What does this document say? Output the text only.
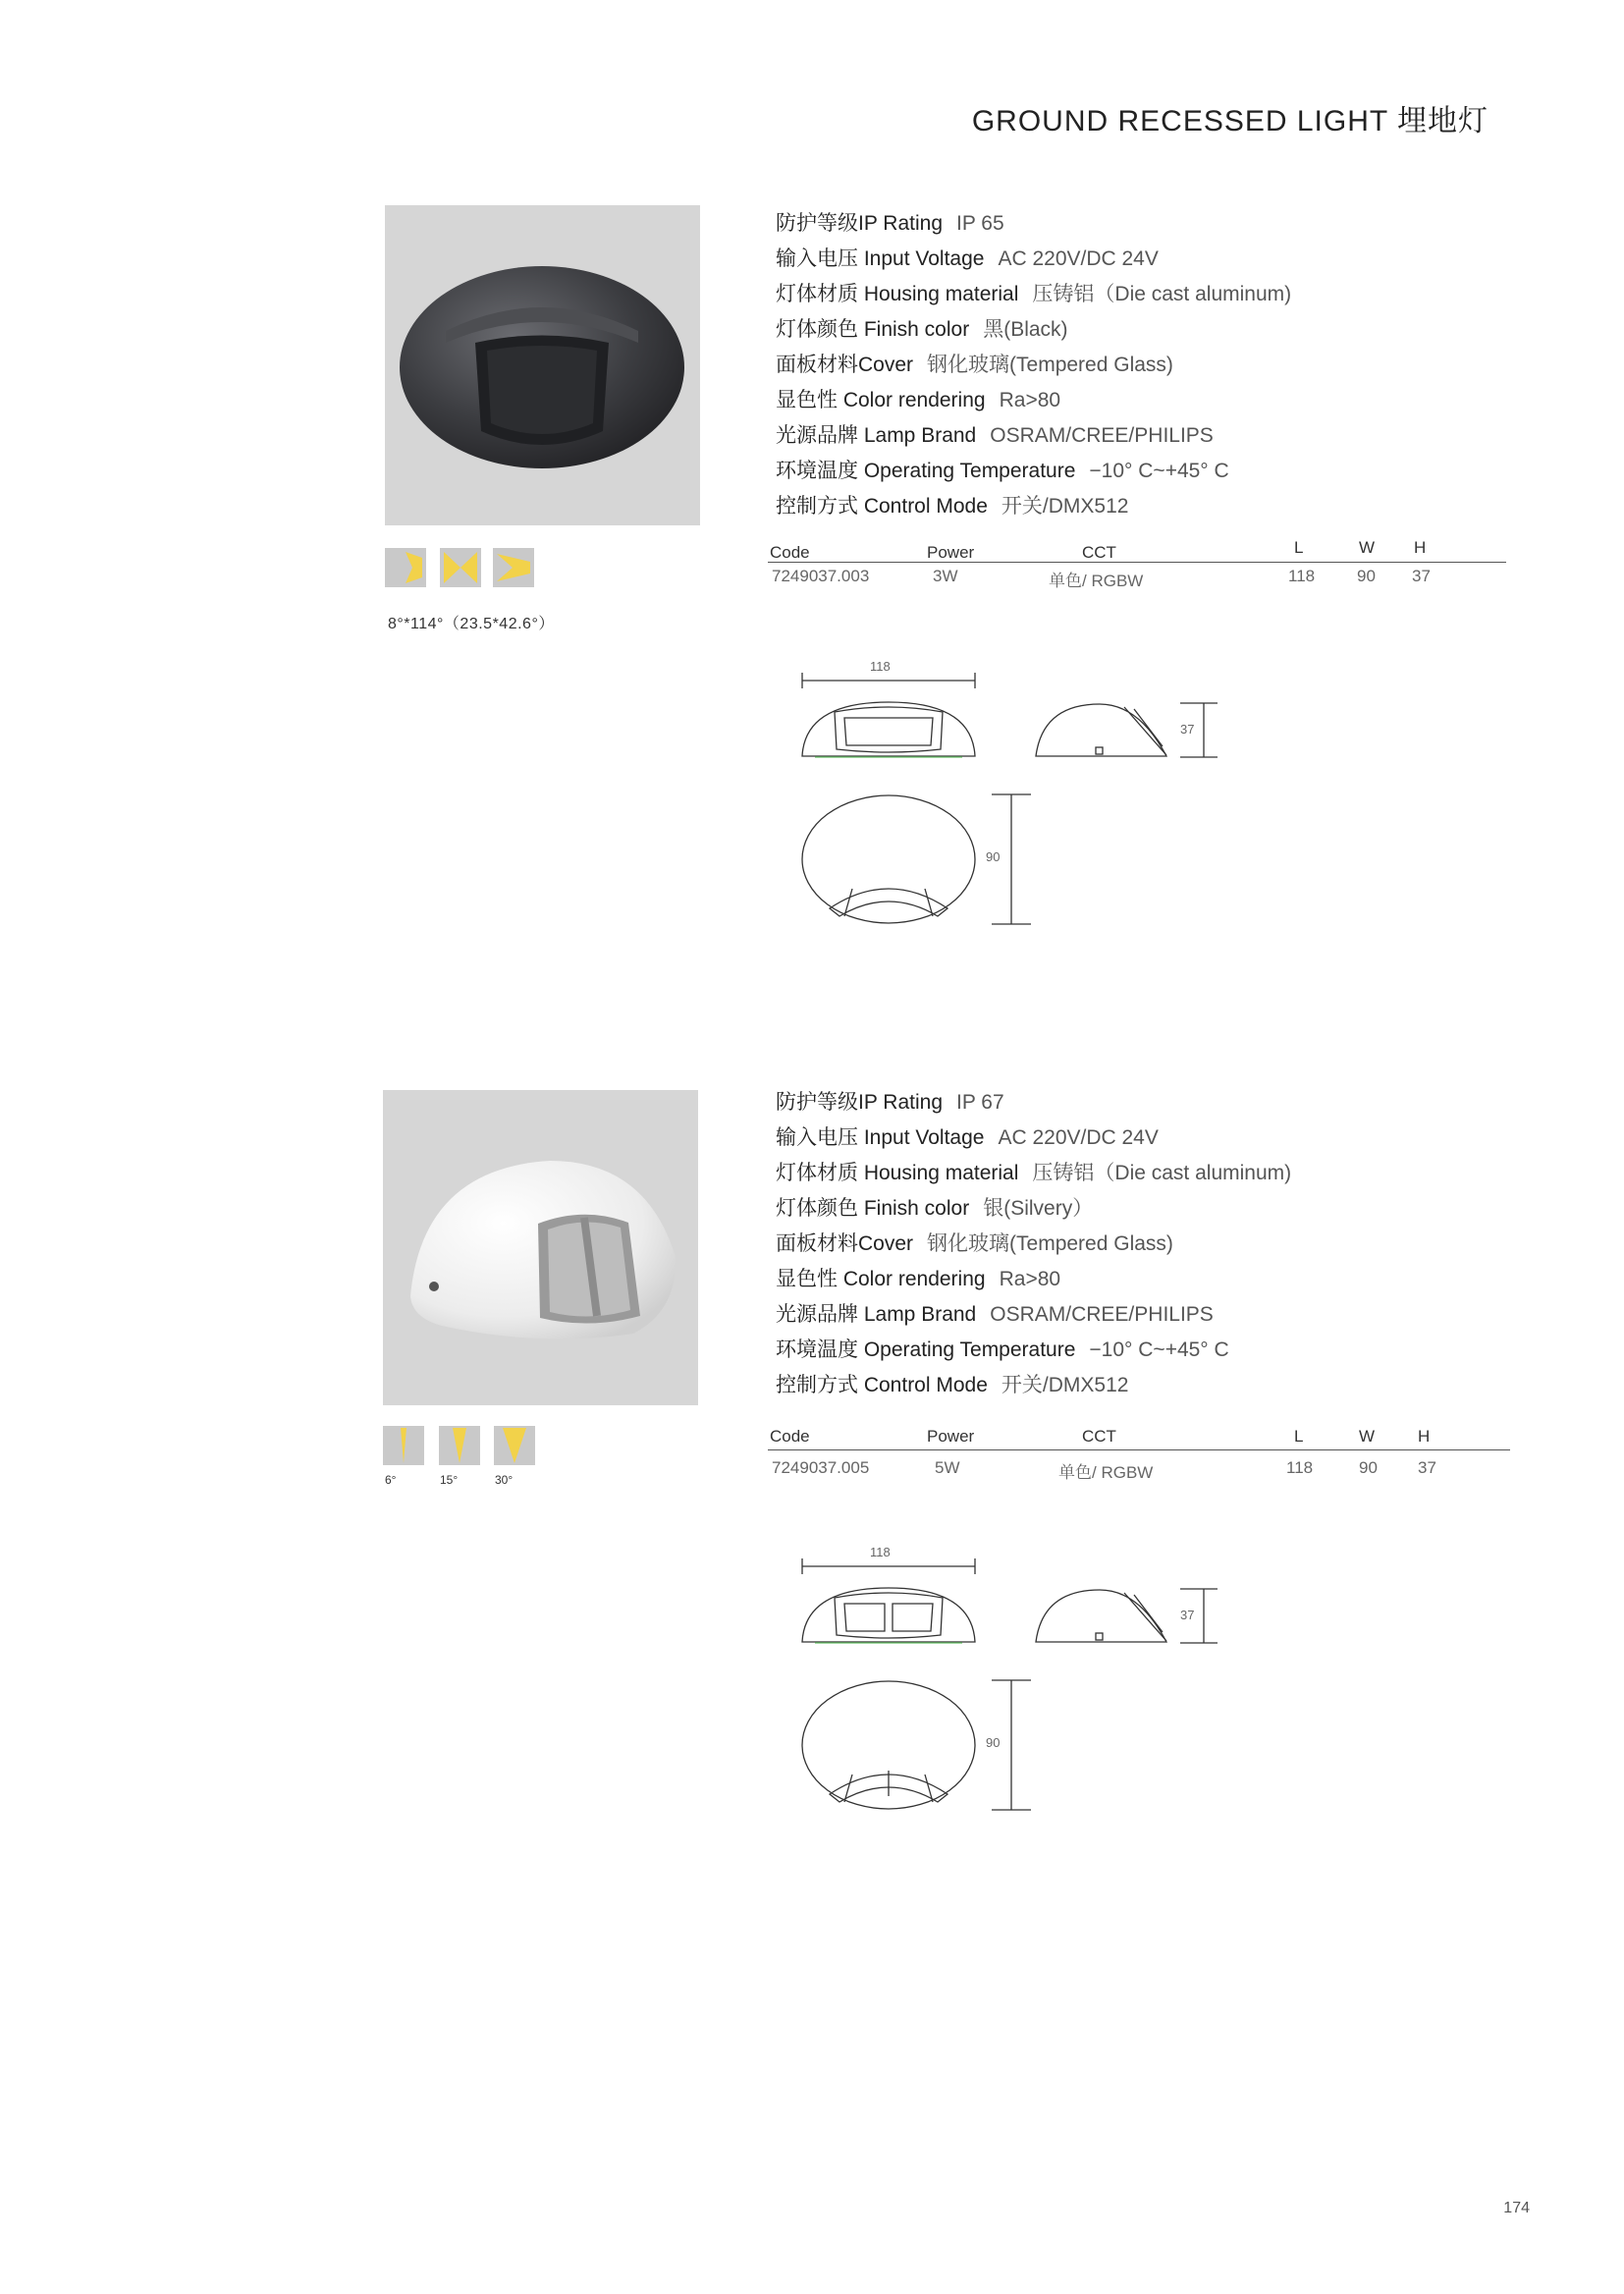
GROUND RECESSED LIGHT 埋地灯
8°*114°（23.5*42.6°）
防护等级IP Rating IP 65
输入电压 Input Voltage AC 220V/DC 24V
灯体材质 Housing material 压铸铝（Die cast aluminum)
灯体颜色 Finish color 黑(Black)
面板材料Cover 钢化玻璃(Tempered Glass)
显色性 Color rendering Ra>80
光源品牌 Lamp Brand OSRAM/CREE/PHILIPS
环境温度 Operating Temperature −10° C~+45° C
控制方式 Control Mode 开关/DMX512
Code	Power	CCT	L	W H
7249037.003	3W	单色/ RGBW	118	90 37
118
37
90
6°	15°	30°
防护等级IP Rating IP 67
输入电压 Input Voltage AC 220V/DC 24V
灯体材质 Housing material 压铸铝（Die cast aluminum)
灯体颜色 Finish color 银(Silvery）
面板材料Cover 钢化玻璃(Tempered Glass)
显色性 Color rendering Ra>80
光源品牌 Lamp Brand OSRAM/CREE/PHILIPS
环境温度 Operating Temperature −10° C~+45° C
控制方式 Control Mode 开关/DMX512
Code	Power	CCT	L	W	H
7249037.005	5W	单色/ RGBW	118	90 37
118
37
90
174
